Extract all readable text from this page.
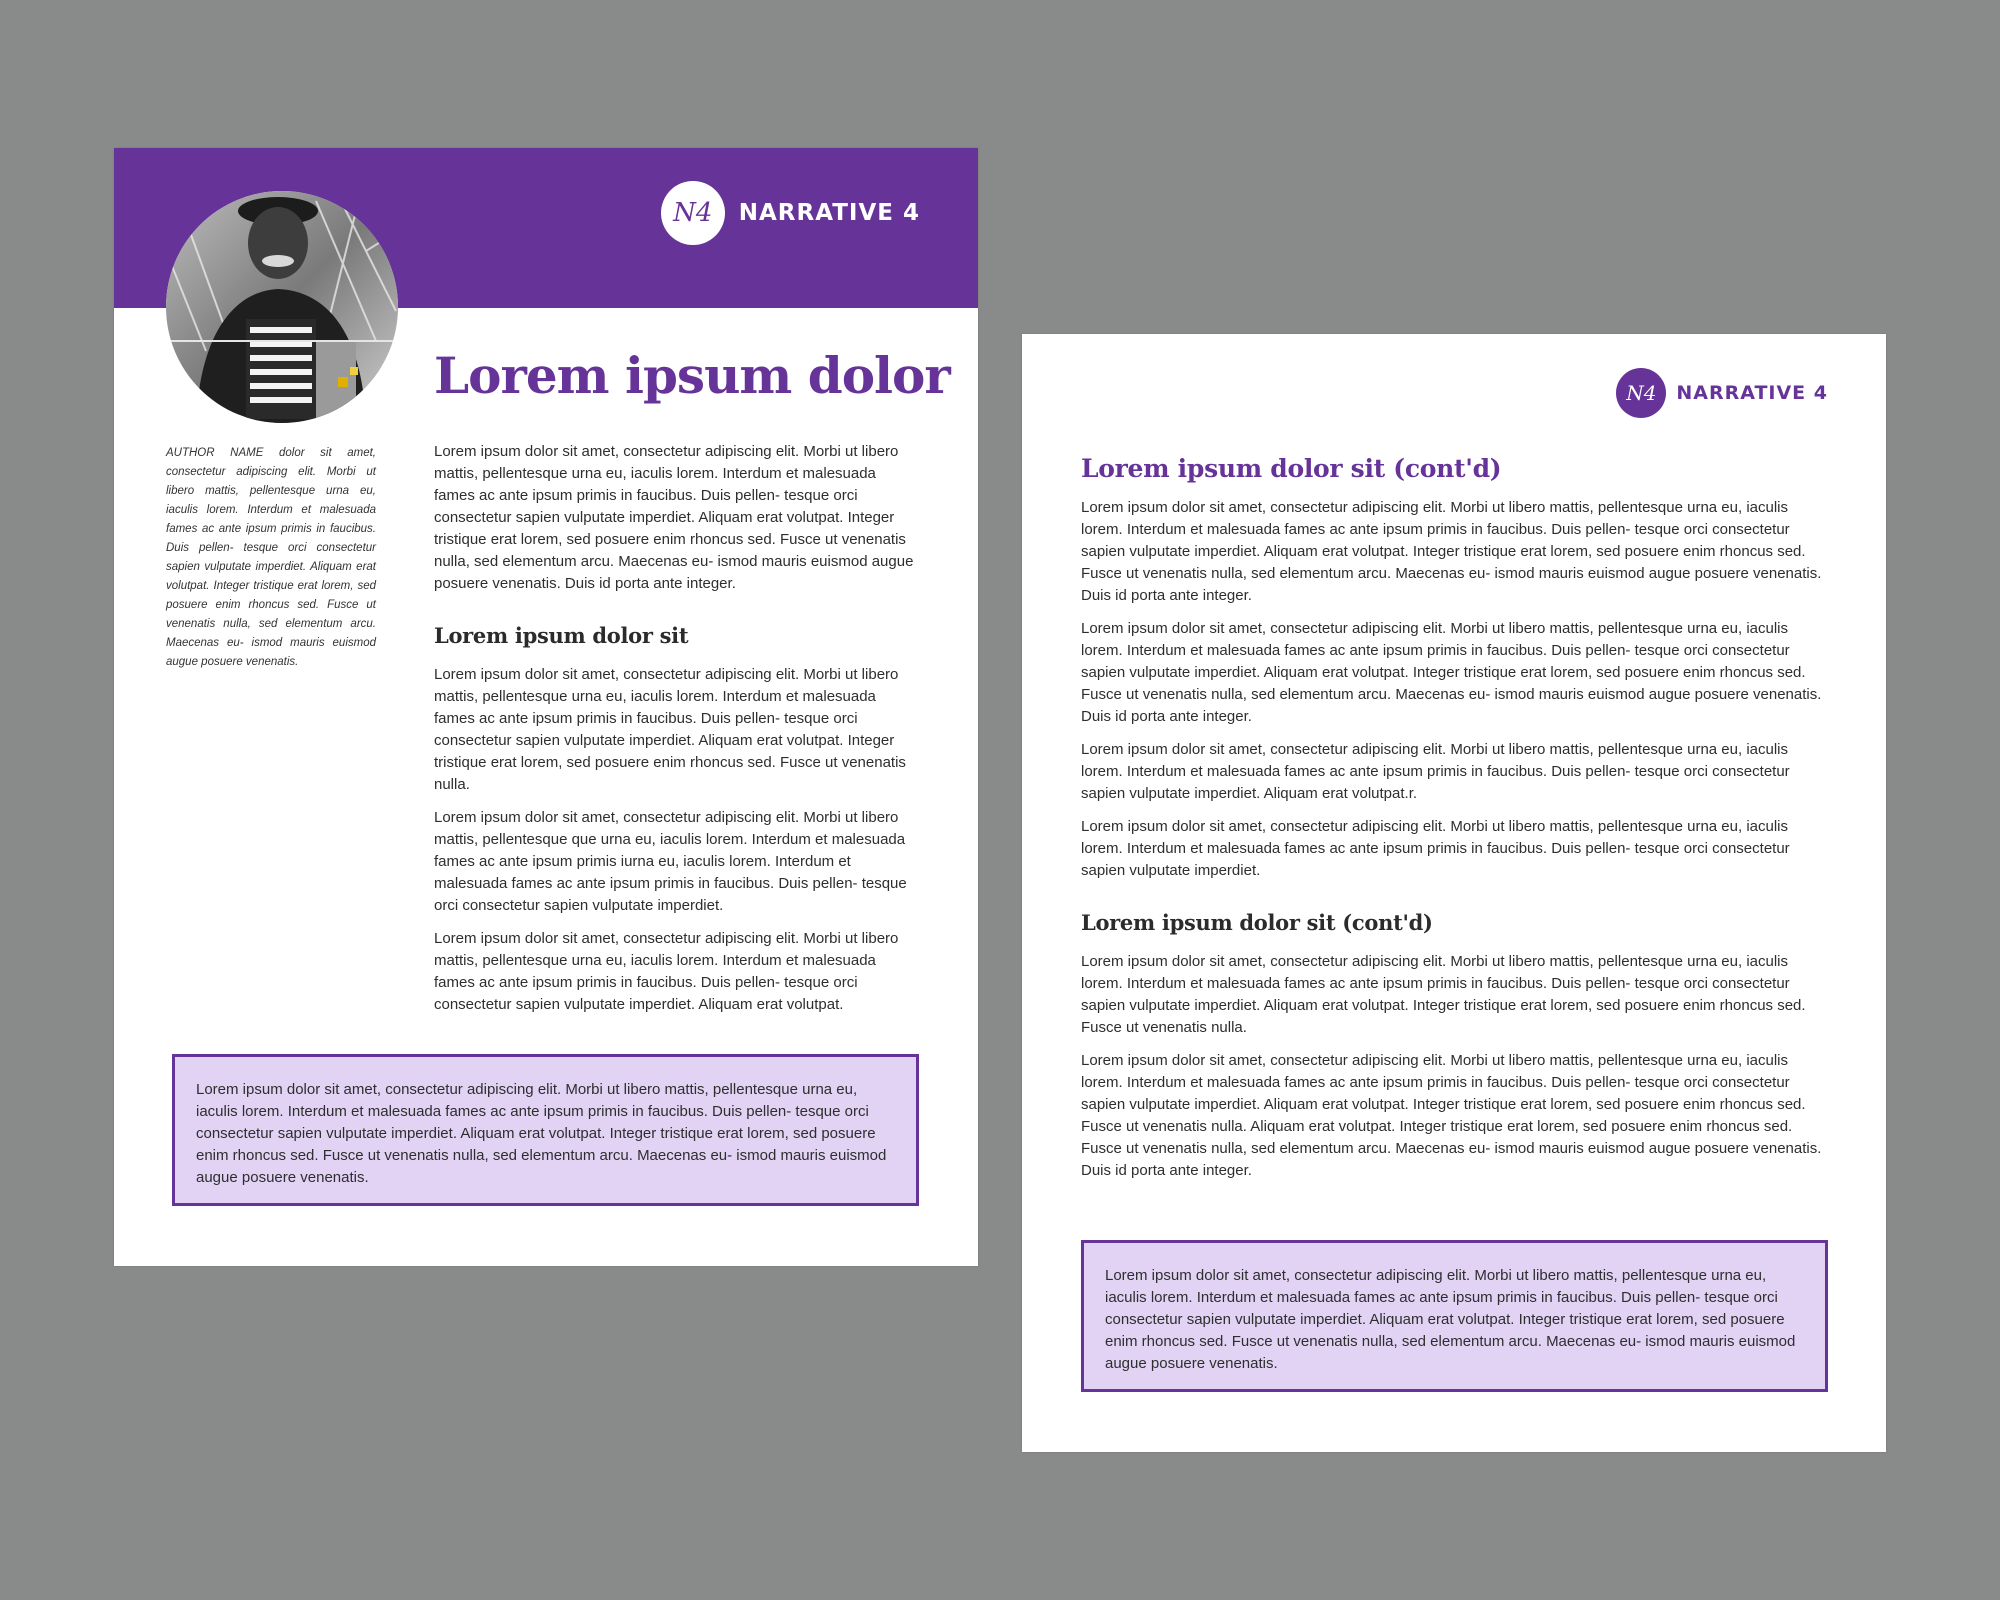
N4	NARRATIVE 4
AUTHOR NAME dolor sit amet, consectetur adipiscing elit. Morbi ut libero mattis, pellentesque urna eu, iaculis lorem. Interdum et malesuada fames ac ante ipsum primis in faucibus. Duis pellen- tesque orci consectetur sapien vulputate imperdiet. Aliquam erat volutpat. Integer tristique erat lorem, sed posuere enim rhoncus sed. Fusce ut venenatis nulla, sed elementum arcu. Maecenas eu- ismod mauris euismod augue posuere venenatis.
Lorem ipsum dolor

Lorem ipsum dolor sit amet, consectetur adipiscing elit. Morbi ut libero mattis, pellentesque urna eu, iaculis lorem. Interdum et malesuada fames ac ante ipsum primis in faucibus. Duis pellen- tesque orci consectetur sapien vulputate imperdiet. Aliquam erat volutpat. Integer tristique erat lorem, sed posuere enim rhoncus sed. Fusce ut venenatis nulla, sed elementum arcu. Maecenas eu- ismod mauris euismod augue posuere venenatis. Duis id porta ante integer.

Lorem ipsum dolor sit

Lorem ipsum dolor sit amet, consectetur adipiscing elit. Morbi ut libero mattis, pellentesque urna eu, iaculis lorem. Interdum et malesuada fames ac ante ipsum primis in faucibus. Duis pellen- tesque orci consectetur sapien vulputate imperdiet. Aliquam erat volutpat. Integer tristique erat lorem, sed posuere enim rhoncus sed. Fusce ut venenatis nulla.

Lorem ipsum dolor sit amet, consectetur adipiscing elit. Morbi ut libero mattis, pellentesque que urna eu, iaculis lorem. Interdum et malesuada fames ac ante ipsum primis iurna eu, iaculis lorem. Interdum et malesuada fames ac ante ipsum primis in faucibus. Duis pellen- tesque orci consectetur sapien vulputate imperdiet.

Lorem ipsum dolor sit amet, consectetur adipiscing elit. Morbi ut libero mattis, pellentesque urna eu, iaculis lorem. Interdum et malesuada fames ac ante ipsum primis in faucibus. Duis pellen- tesque orci consectetur sapien vulputate imperdiet. Aliquam erat volutpat.

Lorem ipsum dolor sit amet, consectetur adipiscing elit. Morbi ut libero mattis, pellentesque urna eu, iaculis lorem. Interdum et malesuada fames ac ante ipsum primis in faucibus. Duis pellen- tesque orci consectetur sapien vulputate imperdiet. Aliquam erat volutpat. Integer tristique erat lorem, sed posuere enim rhoncus sed. Fusce ut venenatis nulla, sed elementum arcu. Maecenas eu- ismod mauris euismod augue posuere venenatis.
N4	NARRATIVE 4
Lorem ipsum dolor sit (cont'd)

Lorem ipsum dolor sit amet, consectetur adipiscing elit. Morbi ut libero mattis, pellentesque urna eu, iaculis lorem. Interdum et malesuada fames ac ante ipsum primis in faucibus. Duis pellen- tesque orci consectetur sapien vulputate imperdiet. Aliquam erat volutpat. Integer tristique erat lorem, sed posuere enim rhoncus sed. Fusce ut venenatis nulla, sed elementum arcu. Maecenas eu- ismod mauris euismod augue posuere venenatis. Duis id porta ante integer.

Lorem ipsum dolor sit amet, consectetur adipiscing elit. Morbi ut libero mattis, pellentesque urna eu, iaculis lorem. Interdum et malesuada fames ac ante ipsum primis in faucibus. Duis pellen- tesque orci consectetur sapien vulputate imperdiet. Aliquam erat volutpat. Integer tristique erat lorem, sed posuere enim rhoncus sed. Fusce ut venenatis nulla, sed elementum arcu. Maecenas eu- ismod mauris euismod augue posuere venenatis. Duis id porta ante integer.

Lorem ipsum dolor sit amet, consectetur adipiscing elit. Morbi ut libero mattis, pellentesque urna eu, iaculis lorem. Interdum et malesuada fames ac ante ipsum primis in faucibus. Duis pellen- tesque orci consectetur sapien vulputate imperdiet. Aliquam erat volutpat.r.

Lorem ipsum dolor sit amet, consectetur adipiscing elit. Morbi ut libero mattis, pellentesque urna eu, iaculis lorem. Interdum et malesuada fames ac ante ipsum primis in faucibus. Duis pellen- tesque orci consectetur sapien vulputate imperdiet.

Lorem ipsum dolor sit (cont'd)

Lorem ipsum dolor sit amet, consectetur adipiscing elit. Morbi ut libero mattis, pellentesque urna eu, iaculis lorem. Interdum et malesuada fames ac ante ipsum primis in faucibus. Duis pellen- tesque orci consectetur sapien vulputate imperdiet. Aliquam erat volutpat. Integer tristique erat lorem, sed posuere enim rhoncus sed. Fusce ut venenatis nulla.

Lorem ipsum dolor sit amet, consectetur adipiscing elit. Morbi ut libero mattis, pellentesque urna eu, iaculis lorem. Interdum et malesuada fames ac ante ipsum primis in faucibus. Duis pellen- tesque orci consectetur sapien vulputate imperdiet. Aliquam erat volutpat. Integer tristique erat lorem, sed posuere enim rhoncus sed. Fusce ut venenatis nulla. Aliquam erat volutpat. Integer tristique erat lorem, sed posuere enim rhoncus sed. Fusce ut venenatis nulla, sed elementum arcu. Maecenas eu- ismod mauris euismod augue posuere venenatis. Duis id porta ante integer.

Lorem ipsum dolor sit amet, consectetur adipiscing elit. Morbi ut libero mattis, pellentesque urna eu, iaculis lorem. Interdum et malesuada fames ac ante ipsum primis in faucibus. Duis pellen- tesque orci consectetur sapien vulputate imperdiet. Aliquam erat volutpat. Integer tristique erat lorem, sed posuere enim rhoncus sed. Fusce ut venenatis nulla, sed elementum arcu. Maecenas eu- ismod mauris euismod augue posuere venenatis.
